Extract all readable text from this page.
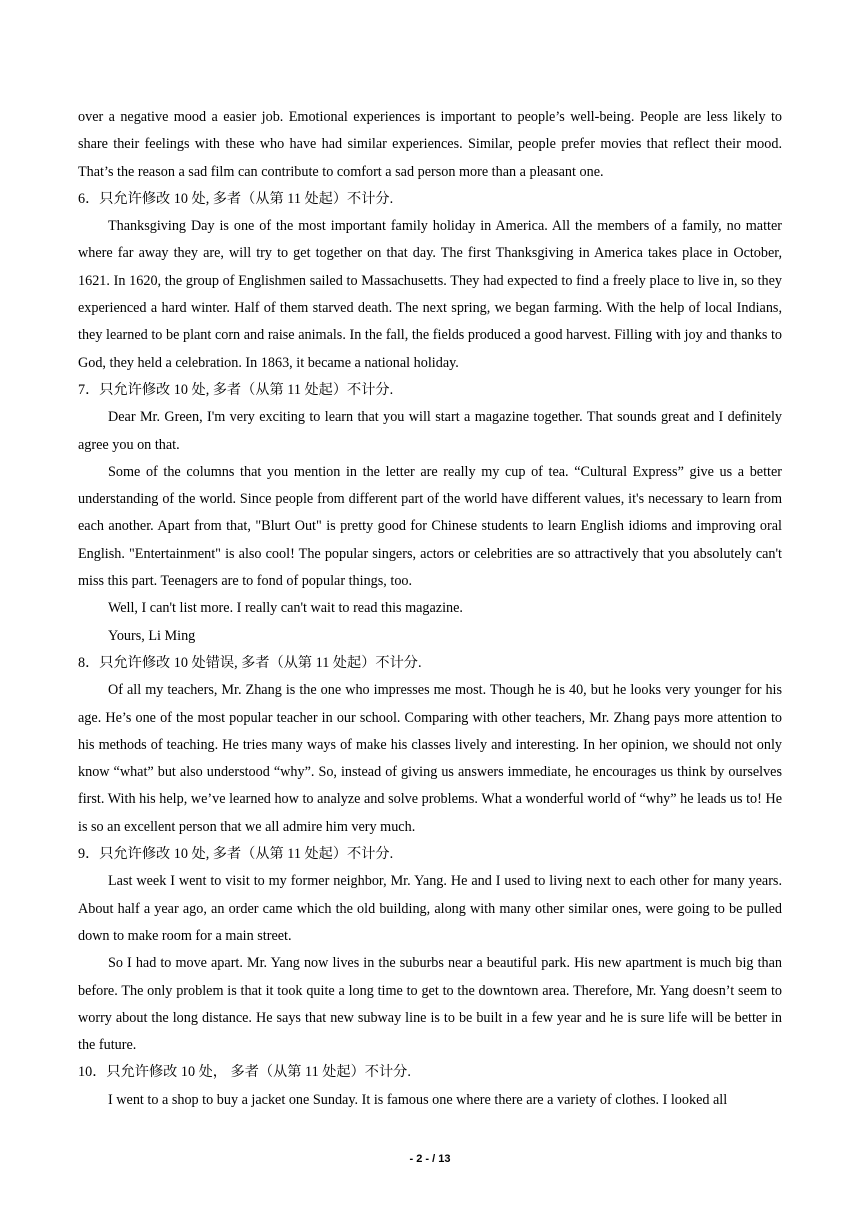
over a negative mood a easier job. Emotional experiences is important to people’s well-being. People are less likely to share their feelings with these who have had similar experiences. Similar, people prefer movies that reflect their mood. That’s the reason a sad film can contribute to comfort a sad person more than a pleasant one.

6．只允许修改 10 处, 多者（从第 11 处起）不计分.

Thanksgiving Day is one of the most important family holiday in America. All the members of a family, no matter where far away they are, will try to get together on that day. The first Thanksgiving in America takes place in October, 1621. In 1620, the group of Englishmen sailed to Massachusetts. They had expected to find a freely place to live in, so they experienced a hard winter. Half of them starved death. The next spring, we began farming. With the help of local Indians, they learned to be plant corn and raise animals. In the fall, the fields produced a good harvest. Filling with joy and thanks to God, they held a celebration. In 1863, it became a national holiday.

7．只允许修改 10 处, 多者（从第 11 处起）不计分.

Dear Mr. Green, I'm very exciting to learn that you will start a magazine together. That sounds great and I definitely agree you on that.

Some of the columns that you mention in the letter are really my cup of tea. “Cultural Express” give us a better understanding of the world. Since people from different part of the world have different values, it's necessary to learn from each another. Apart from that, "Blurt Out" is pretty good for Chinese students to learn English idioms and improving oral English. "Entertainment" is also cool! The popular singers, actors or celebrities are so attractively that you absolutely can't miss this part. Teenagers are to fond of popular things, too.

Well, I can't list more. I really can't wait to read this magazine.

Yours, Li Ming

8．只允许修改 10 处错误, 多者（从第 11 处起）不计分.

Of all my teachers, Mr. Zhang is the one who impresses me most. Though he is 40, but he looks very younger for his age. He’s one of the most popular teacher in our school. Comparing with other teachers, Mr. Zhang pays more attention to his methods of teaching. He tries many ways of make his classes lively and interesting. In her opinion, we should not only know “what” but also understood “why”. So, instead of giving us answers immediate, he encourages us think by ourselves first. With his help, we’ve learned how to analyze and solve problems. What a wonderful world of “why” he leads us to! He is so an excellent person that we all admire him very much.

9．只允许修改 10 处, 多者（从第 11 处起）不计分.

Last week I went to visit to my former neighbor, Mr. Yang. He and I used to living next to each other for many years. About half a year ago, an order came which the old building, along with many other similar ones, were going to be pulled down to make room for a main street.

So I had to move apart. Mr. Yang now lives in the suburbs near a beautiful park. His new apartment is much big than before. The only problem is that it took quite a long time to get to the downtown area. Therefore, Mr. Yang doesn’t seem to worry about the long distance. He says that new subway line is to be built in a few year and he is sure life will be better in the future.

10．只允许修改 10 处， 多者（从第 11 处起）不计分.

I went to a shop to buy a jacket one Sunday. It is famous one where there are a variety of clothes. I looked all

- 2 - / 13
